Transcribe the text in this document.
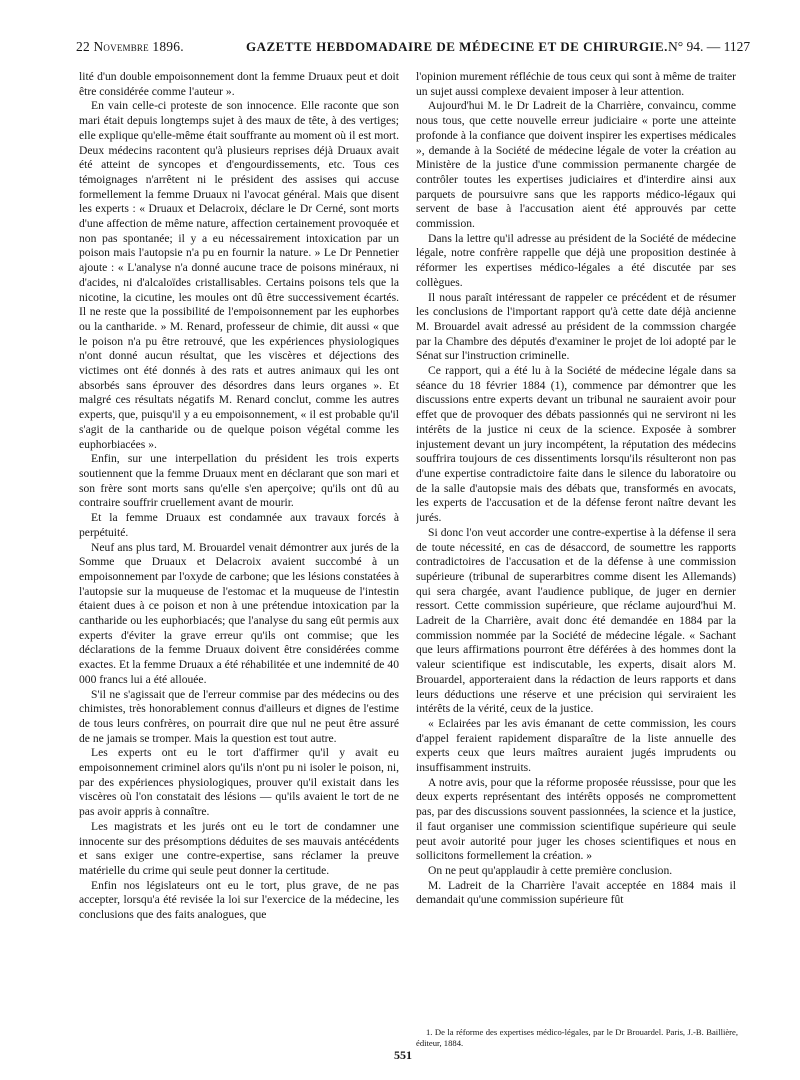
22 Novembre 1896.	GAZETTE HEBDOMADAIRE DE MÉDECINE ET DE CHIRURGIE. N° 94. — 1127

lité d'un double empoisonnement dont la femme Druaux peut et doit être considérée comme l'auteur ».

En vain celle-ci proteste de son innocence. Elle raconte que son mari était depuis longtemps sujet à des maux de tête, à des vertiges; elle explique qu'elle-même était souffrante au moment où il est mort. Deux médecins racontent qu'à plusieurs reprises déjà Druaux avait été atteint de syncopes et d'engourdissements, etc. Tous ces témoignages n'arrêtent ni le président des assises qui accuse formellement la femme Druaux ni l'avocat général. Mais que disent les experts : « Druaux et Delacroix, déclare le Dr Cerné, sont morts d'une affection de même nature, affection certainement provoquée et non pas spontanée; il y a eu nécessairement intoxication par un poison mais l'autopsie n'a pu en fournir la nature. » Le Dr Pennetier ajoute : « L'analyse n'a donné aucune trace de poisons minéraux, ni d'acides, ni d'alcaloïdes cristallisables. Certains poisons tels que la nicotine, la cicutine, les moules ont dû être successivement écartés. Il ne reste que la possibilité de l'empoisonnement par les euphorbes ou la cantharide. » M. Renard, professeur de chimie, dit aussi « que le poison n'a pu être retrouvé, que les expériences physiologiques n'ont donné aucun résultat, que les viscères et déjections des victimes ont été donnés à des rats et autres animaux qui les ont absorbés sans éprouver des désordres dans leurs organes ». Et malgré ces résultats négatifs M. Renard conclut, comme les autres experts, que, puisqu'il y a eu empoisonnement, « il est probable qu'il s'agit de la cantharide ou de quelque poison végétal comme les euphorbiacées ».

Enfin, sur une interpellation du président les trois experts soutiennent que la femme Druaux ment en déclarant que son mari et son frère sont morts sans qu'elle s'en aperçoive; qu'ils ont dû au contraire souffrir cruellement avant de mourir.

Et la femme Druaux est condamnée aux travaux forcés à perpétuité.

Neuf ans plus tard, M. Brouardel venait démontrer aux jurés de la Somme que Druaux et Delacroix avaient succombé à un empoisonnement par l'oxyde de carbone; que les lésions constatées à l'autopsie sur la muqueuse de l'estomac et la muqueuse de l'intestin étaient dues à ce poison et non à une prétendue intoxication par la cantharide ou les euphorbiacés; que l'analyse du sang eût permis aux experts d'éviter la grave erreur qu'ils ont commise; que les déclarations de la femme Druaux doivent être considérées comme exactes. Et la femme Druaux a été réhabilitée et une indemnité de 40 000 francs lui a été allouée.

S'il ne s'agissait que de l'erreur commise par des médecins ou des chimistes, très honorablement connus d'ailleurs et dignes de l'estime de tous leurs confrères, on pourrait dire que nul ne peut être assuré de ne jamais se tromper. Mais la question est tout autre.

Les experts ont eu le tort d'affirmer qu'il y avait eu empoisonnement criminel alors qu'ils n'ont pu ni isoler le poison, ni, par des expériences physiologiques, prouver qu'il existait dans les viscères où l'on constatait des lésions — qu'ils avaient le tort de ne pas avoir appris à connaître.

Les magistrats et les jurés ont eu le tort de condamner une innocente sur des présomptions déduites de ses mauvais antécédents et sans exiger une contre-expertise, sans réclamer la preuve matérielle du crime qui seule peut donner la certitude.

Enfin nos législateurs ont eu le tort, plus grave, de ne pas accepter, lorsqu'a été revisée la loi sur l'exercice de la médecine, les conclusions que des faits analogues, que

l'opinion murement réfléchie de tous ceux qui sont à même de traiter un sujet aussi complexe devaient imposer à leur attention.

Aujourd'hui M. le Dr Ladreit de la Charrière, convaincu, comme nous tous, que cette nouvelle erreur judiciaire « porte une atteinte profonde à la confiance que doivent inspirer les expertises médicales », demande à la Société de médecine légale de voter la création au Ministère de la justice d'une commission permanente chargée de contrôler toutes les expertises judiciaires et d'interdire ainsi aux parquets de poursuivre sans que les rapports médico-légaux qui servent de base à l'accusation aient été approuvés par cette commission.

Dans la lettre qu'il adresse au président de la Société de médecine légale, notre confrère rappelle que déjà une proposition destinée à réformer les expertises médico-légales a été discutée par ses collègues.

Il nous paraît intéressant de rappeler ce précédent et de résumer les conclusions de l'important rapport qu'à cette date déjà ancienne M. Brouardel avait adressé au président de la commssion chargée par la Chambre des députés d'examiner le projet de loi adopté par le Sénat sur l'instruction criminelle.

Ce rapport, qui a été lu à la Société de médecine légale dans sa séance du 18 février 1884 (1), commence par démontrer que les discussions entre experts devant un tribunal ne sauraient avoir pour effet que de provoquer des débats passionnés qui ne serviront ni les intérêts de la justice ni ceux de la science. Exposée à sombrer injustement devant un jury incompétent, la réputation des médecins souffrira toujours de ces dissentiments lorsqu'ils résulteront non pas d'une expertise contradictoire faite dans le silence du laboratoire ou de la salle d'autopsie mais des débats que, transformés en avocats, les experts de l'accusation et de la défense feront naître devant les jurés.

Si donc l'on veut accorder une contre-expertise à la défense il sera de toute nécessité, en cas de désaccord, de soumettre les rapports contradictoires de l'accusation et de la défense à une commission supérieure (tribunal de superarbitres comme disent les Allemands) qui sera chargée, avant l'audience publique, de juger en dernier ressort. Cette commission supérieure, que réclame aujourd'hui M. Ladreit de la Charrière, avait donc été demandée en 1884 par la commission nommée par la Société de médecine légale. « Sachant que leurs affirmations pourront être déférées à des hommes dont la valeur scientifique est indiscutable, les experts, disait alors M. Brouardel, apporteraient dans la rédaction de leurs rapports et dans leurs déductions une réserve et une précision qui serviraient les intérêts de la vérité, ceux de la justice.

« Eclairées par les avis émanant de cette commission, les cours d'appel feraient rapidement disparaître de la liste annuelle des experts ceux que leurs maîtres auraient jugés imprudents ou insuffisamment instruits.

A notre avis, pour que la réforme proposée réussisse, pour que les deux experts représentant des intérêts opposés ne compromettent pas, par des discussions souvent passionnées, la science et la justice, il faut organiser une commission scientifique supérieure qui seule peut avoir autorité pour juger les choses scientifiques et nous en sollicitons formellement la création. »

On ne peut qu'applaudir à cette première conclusion.

M. Ladreit de la Charrière l'avait acceptée en 1884 mais il demandait qu'une commission supérieure fût

1. De la réforme des expertises médico-légales, par le Dr Brouardel. Paris, J.-B. Baillière, éditeur, 1884.

551
